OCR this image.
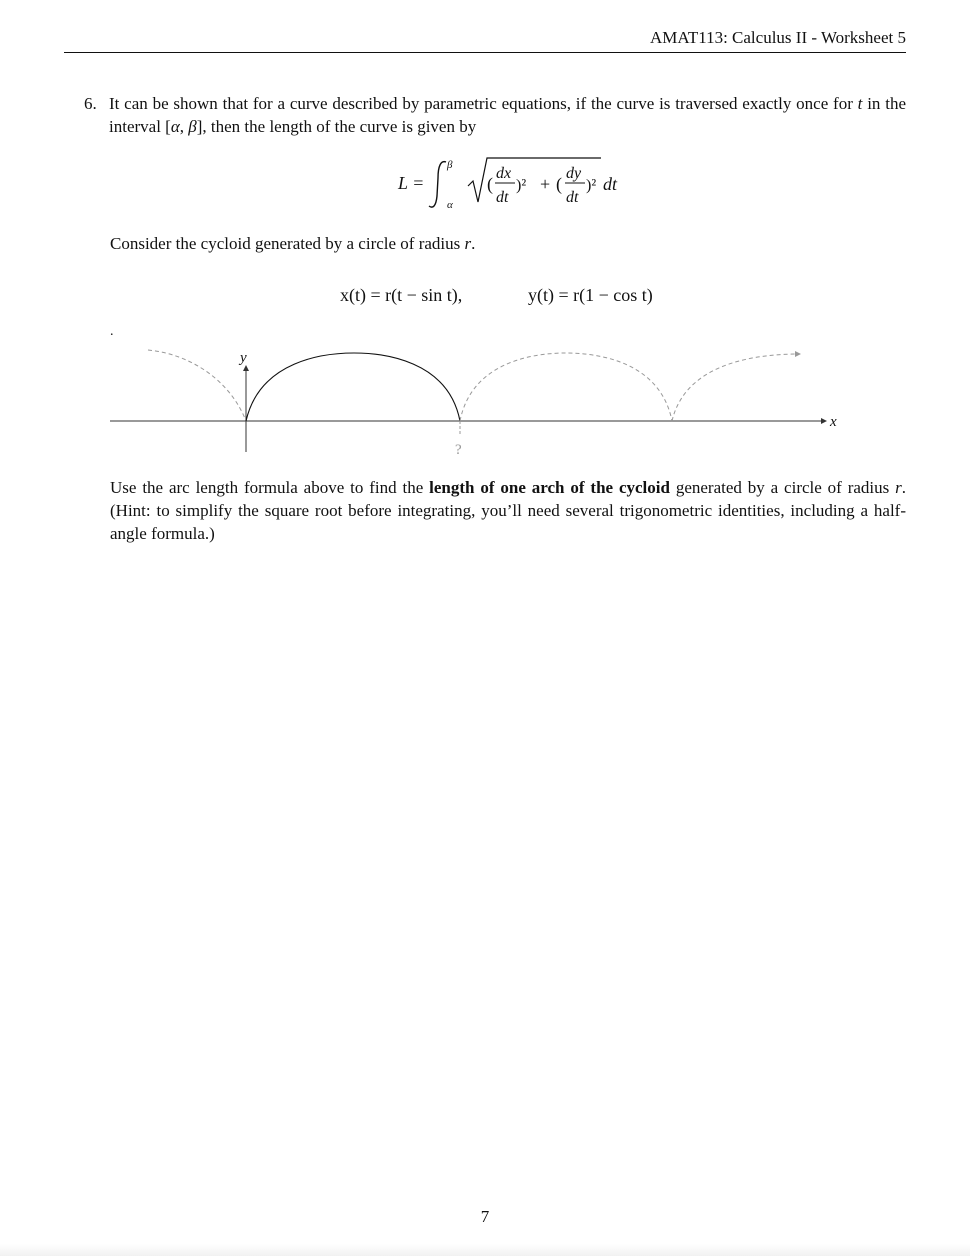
AMAT113: Calculus II - Worksheet 5
6. It can be shown that for a curve described by parametric equations, if the curve is traversed exactly once for t in the interval [α, β], then the length of the curve is given by
L =
β
α
(
dx
dt
)² + (
dy
dt
)² dt
Consider the cycloid generated by a circle of radius r.
x(t) = r(t − sin t),	y(t) = r(1 − cos t)
.
x
y
?
Use the arc length formula above to find the length of one arch of the cycloid generated by a circle of radius r. (Hint: to simplify the square root before integrating, you’ll need several trigonometric identities, including a half-angle formula.)
7
